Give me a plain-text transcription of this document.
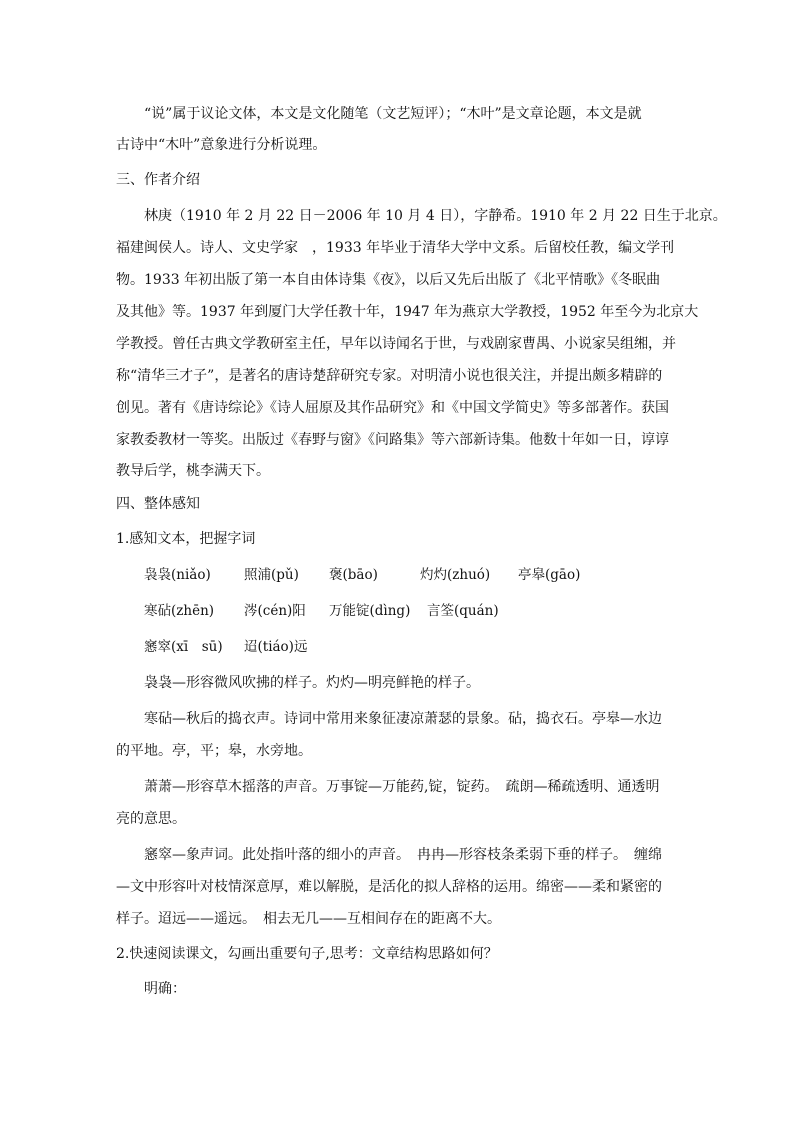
“说”属于议论文体，本文是文化随笔（文艺短评）；“木叶”是文章论题，本文是就
古诗中“木叶”意象进行分析说理。
三、作者介绍
林庚（1910 年 2 月 22 日－2006 年 10 月 4 日），字静希。1910 年 2 月 22 日生于北京。
福建闽侯人。诗人、文史学家　，1933 年毕业于清华大学中文系。后留校任教，编文学刊
物。1933 年初出版了第一本自由体诗集《夜》，以后又先后出版了《北平情歌》《冬眠曲
及其他》等。1937 年到厦门大学任教十年，1947 年为燕京大学教授，1952 年至今为北京大
学教授。曾任古典文学教研室主任，早年以诗闻名于世，与戏剧家曹禺、小说家吴组缃，并
称“清华三才子”，是著名的唐诗楚辞研究专家。对明清小说也很关注，并提出颇多精辟的
创见。著有《唐诗综论》《诗人屈原及其作品研究》和《中国文学简史》等多部著作。获国
家教委教材一等奖。出版过《春野与窗》《问路集》等六部新诗集。他数十年如一日，谆谆
教导后学，桃李满天下。
四、整体感知
1.感知文本，把握字词
袅袅(niǎo) 照浦(pǔ) 褒(bāo)	灼灼(zhuó) 亭皋(gāo)
寒砧(zhēn) 涔(cén)阳 万能锭(dìng) 言筌(quán)
窸窣(xī　sū) 迢(tiáo)远
袅袅—形容微风吹拂的样子。灼灼—明亮鲜艳的样子。
寒砧—秋后的捣衣声。诗词中常用来象征凄凉萧瑟的景象。砧，捣衣石。亭皋—水边
的平地。亭，平；皋，水旁地。
萧萧—形容草木摇落的声音。万事锭—万能药,锭，锭药。　疏朗—稀疏透明、通透明
亮的意思。
窸窣—象声词。此处指叶落的细小的声音。　冉冉—形容枝条柔弱下垂的样子。　缠绵
—文中形容叶对枝情深意厚，难以解脱，是活化的拟人辞格的运用。绵密——柔和紧密的
样子。迢远——遥远。　相去无几——互相间存在的距离不大。
2.快速阅读课文，勾画出重要句子,思考：文章结构思路如何？
明确：
